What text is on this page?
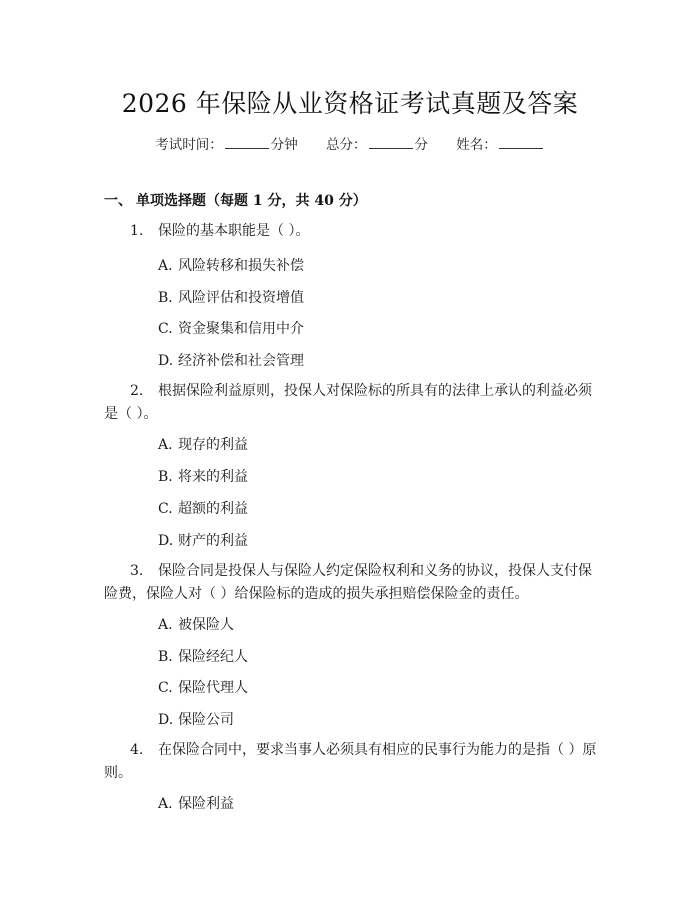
2026 年保险从业资格证考试真题及答案
考试时间：	分钟 总分：	分 姓名：
一、 单项选择题（每题 1 分，共 40 分）
1. 保险的基本职能是（ ）。
A. 风险转移和损失补偿
B. 风险评估和投资增值
C. 资金聚集和信用中介
D. 经济补偿和社会管理
2. 根据保险利益原则，投保人对保险标的所具有的法律上承认的利益必须是（ ）。
A. 现存的利益
B. 将来的利益
C. 超额的利益
D. 财产的利益
3. 保险合同是投保人与保险人约定保险权利和义务的协议，投保人支付保险费，保险人对（ ）给保险标的造成的损失承担赔偿保险金的责任。
A. 被保险人
B. 保险经纪人
C. 保险代理人
D. 保险公司
4. 在保险合同中，要求当事人必须具有相应的民事行为能力的是指（ ）原则。
A. 保险利益
